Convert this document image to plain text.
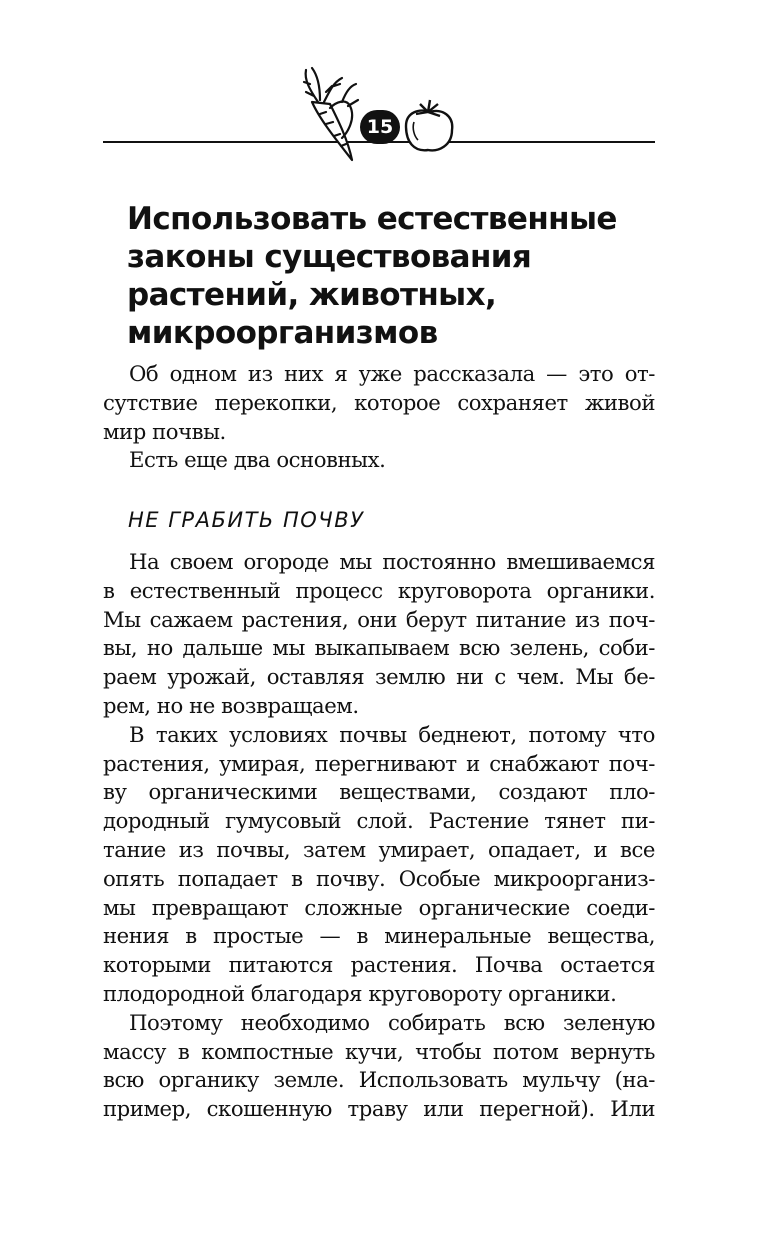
15
Использовать естественные
законы существования
растений, животных,
микроорганизмов
Об одном из них я уже рассказала — это от-
сутствие перекопки, которое сохраняет живой
мир почвы.
Есть еще два основных.
НЕ ГРАБИТЬ ПОЧВУ
На своем огороде мы постоянно вмешиваемся
в естественный процесс круговорота органики.
Мы сажаем растения, они берут питание из поч-
вы, но дальше мы выкапываем всю зелень, соби-
раем урожай, оставляя землю ни с чем. Мы бе-
рем, но не возвращаем.
В таких условиях почвы беднеют, потому что
растения, умирая, перегнивают и снабжают поч-
ву органическими веществами, создают пло-
дородный гумусовый слой. Растение тянет пи-
тание из почвы, затем умирает, опадает, и все
опять попадает в почву. Особые микроорганиз-
мы превращают сложные органические соеди-
нения в простые — в минеральные вещества,
которыми питаются растения. Почва остается
плодородной благодаря круговороту органики.
Поэтому необходимо собирать всю зеленую
массу в компостные кучи, чтобы потом вернуть
всю органику земле. Использовать мульчу (на-
пример, скошенную траву или перегной). Или
